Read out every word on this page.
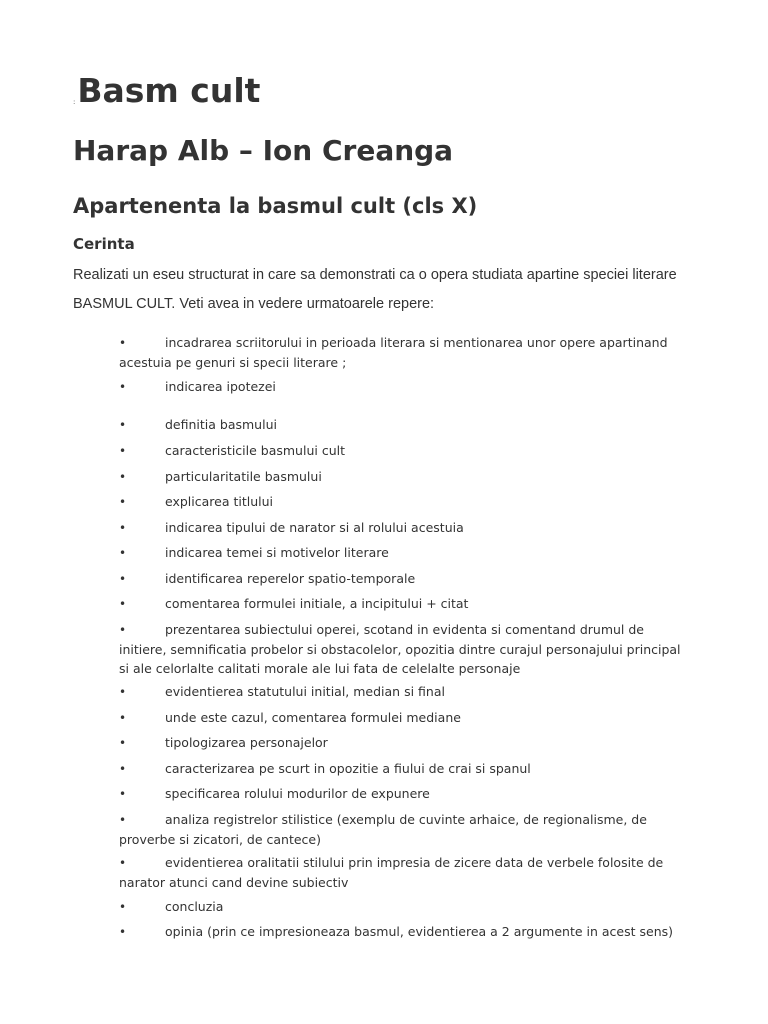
: Basm cult
Harap Alb – Ion Creanga
Apartenenta la basmul cult (cls X)
Cerinta
Realizati un eseu structurat in care sa demonstrati ca o opera studiata apartine speciei literare BASMUL CULT. Veti avea in vedere urmatoarele repere:
•	incadrarea scriitorului in perioada literara si mentionarea unor opere apartinand acestuia pe genuri si specii literare ;
•	indicarea ipotezei
•	definitia basmului
•	caracteristicile basmului cult
•	particularitatile basmului
•	explicarea titlului
•	indicarea tipului de narator si al rolului acestuia
•	indicarea temei si motivelor literare
•	identificarea reperelor spatio-temporale
•	comentarea formulei initiale, a incipitului + citat
•	prezentarea subiectului operei, scotand in evidenta si comentand drumul de initiere, semnificatia probelor si obstacolelor, opozitia dintre curajul personajului principal si ale celorlalte calitati morale ale lui fata de celelalte personaje
•	evidentierea statutului initial, median si final
•	unde este cazul, comentarea formulei mediane
•	tipologizarea personajelor
•	caracterizarea pe scurt in opozitie a fiului de crai si spanul
•	specificarea rolului modurilor de expunere
•	analiza registrelor stilistice (exemplu de cuvinte arhaice, de regionalisme, de proverbe si zicatori, de cantece)
•	evidentierea oralitatii stilului prin impresia de zicere data de verbele folosite de narator atunci cand devine subiectiv
•	concluzia
•	opinia (prin ce impresioneaza basmul, evidentierea a 2 argumente in acest sens)
